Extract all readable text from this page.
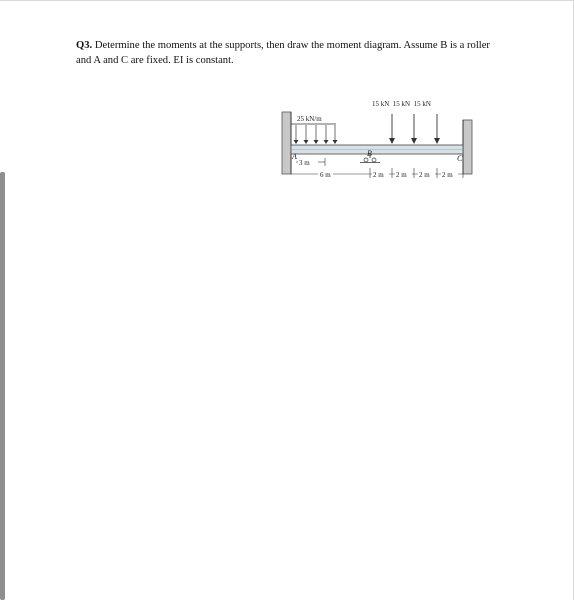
Q3. Determine the moments at the supports, then draw the moment diagram. Assume B is a roller and A and C are fixed. EI is constant.
25 kN/m
15 kN  15 kN  15 kN
A	B
C
3 m
6 m	2 m 2 m 2 m 2 m
